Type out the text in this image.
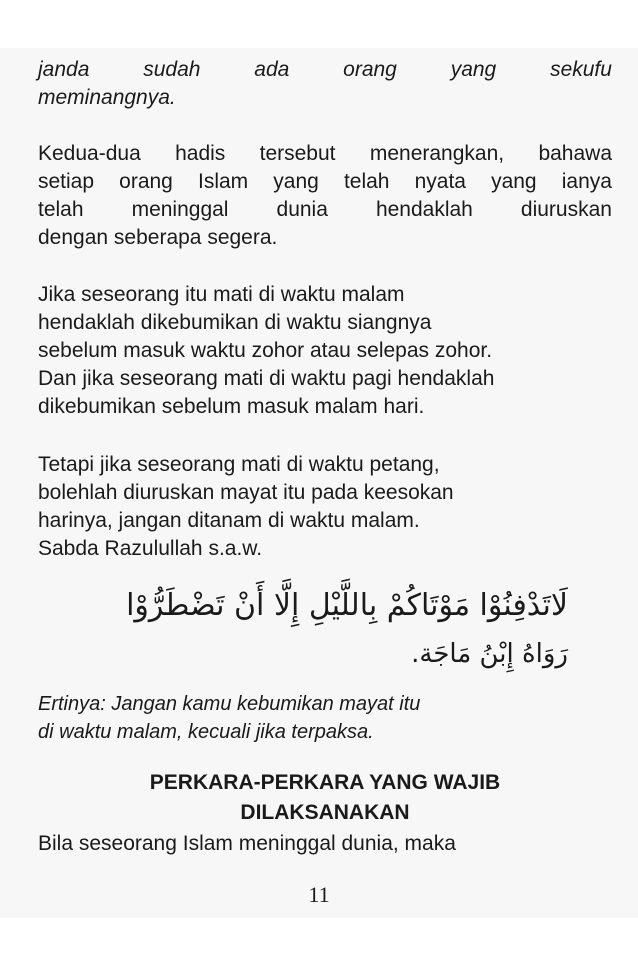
janda	sudah	ada	orang	yang	sekufu
meminangnya.
Kedua-dua hadis tersebut menerangkan, bahawa
setiap orang Islam yang telah nyata yang ianya
telah meninggal dunia hendaklah diuruskan
dengan seberapa segera.
Jika seseorang itu mati di waktu malam
hendaklah dikebumikan di waktu siangnya
sebelum masuk waktu zohor atau selepas zohor.
Dan jika seseorang mati di waktu pagi hendaklah
dikebumikan sebelum masuk malam hari.
Tetapi jika seseorang mati di waktu petang,
bolehlah diuruskan mayat itu pada keesokan
harinya, jangan ditanam di waktu malam.
Sabda Razulullah s.a.w.
لَاتَدْفِنُوْا مَوْتَاكُمْ بِاللَّيْلِ إِلَّا أَنْ تَضْطَرُّوْا
رَوَاهُ إِبْنُ مَاجَة.
Ertinya: Jangan kamu kebumikan mayat itu
di waktu malam, kecuali jika terpaksa.
PERKARA-PERKARA YANG WAJIB
DILAKSANAKAN
Bila seseorang Islam meninggal dunia, maka
11
